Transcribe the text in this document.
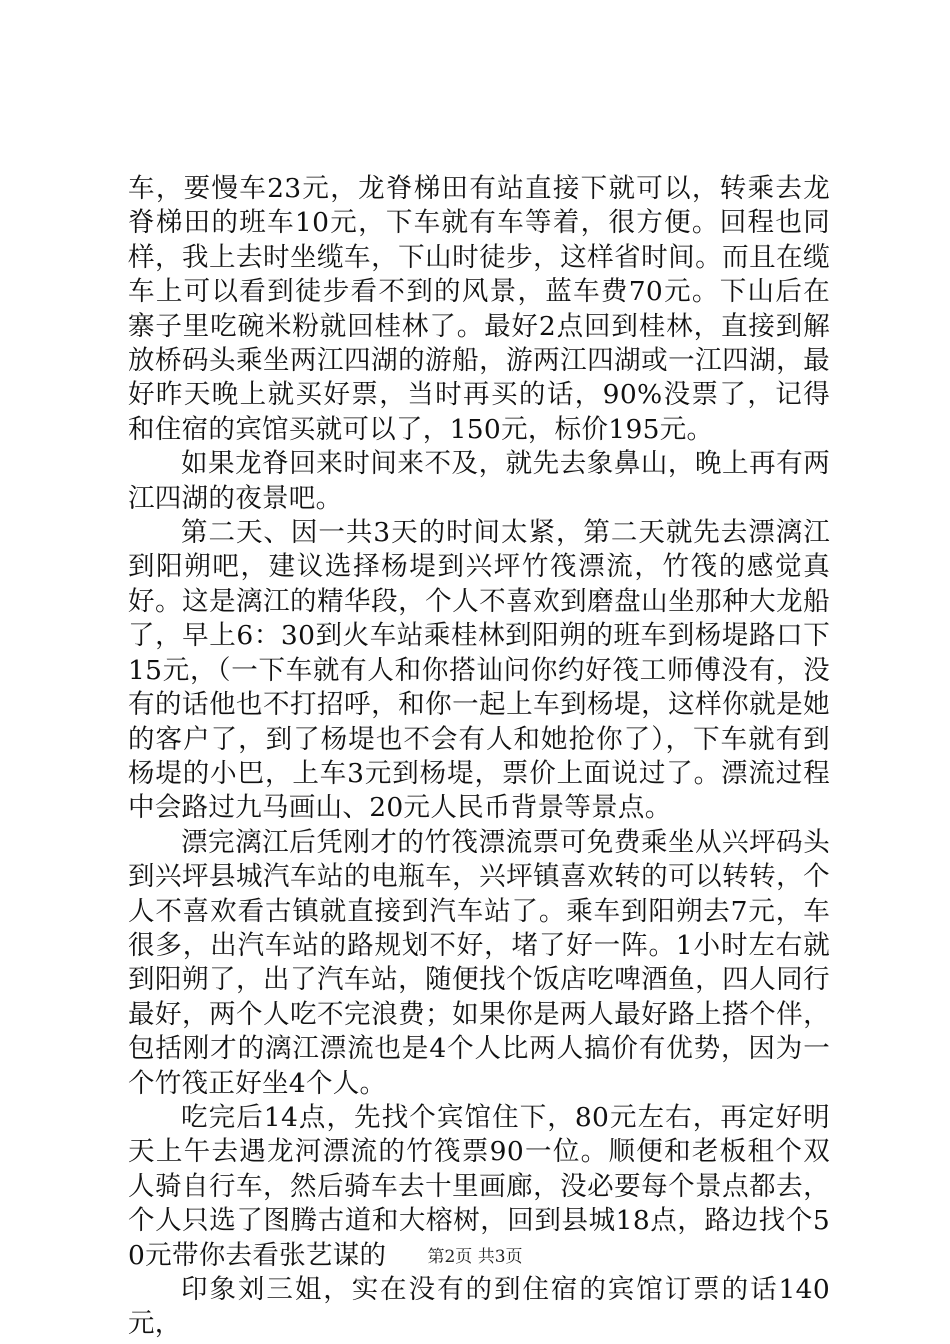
车，要慢车23元，龙脊梯田有站直接下就可以，转乘去龙脊梯田的班车10元，下车就有车等着，很方便。回程也同样，我上去时坐缆车，下山时徒步，这样省时间。而且在缆车上可以看到徒步看不到的风景，蓝车费70元。下山后在寨子里吃碗米粉就回桂林了。最好2点回到桂林，直接到解放桥码头乘坐两江四湖的游船，游两江四湖或一江四湖，最好昨天晚上就买好票，当时再买的话，90%没票了，记得和住宿的宾馆买就可以了，150元，标价195元。

如果龙脊回来时间来不及，就先去象鼻山，晚上再有两江四湖的夜景吧。

第二天、因一共3天的时间太紧，第二天就先去漂漓江到阳朔吧，建议选择杨堤到兴坪竹筏漂流，竹筏的感觉真好。这是漓江的精华段，个人不喜欢到磨盘山坐那种大龙船了，早上6：30到火车站乘桂林到阳朔的班车到杨堤路口下15元，（一下车就有人和你搭讪问你约好筏工师傅没有，没有的话他也不打招呼，和你一起上车到杨堤，这样你就是她的客户了，到了杨堤也不会有人和她抢你了），下车就有到杨堤的小巴，上车3元到杨堤，票价上面说过了。漂流过程中会路过九马画山、20元人民币背景等景点。

漂完漓江后凭刚才的竹筏漂流票可免费乘坐从兴坪码头到兴坪县城汽车站的电瓶车，兴坪镇喜欢转的可以转转，个人不喜欢看古镇就直接到汽车站了。乘车到阳朔去7元，车很多，出汽车站的路规划不好，堵了好一阵。1小时左右就到阳朔了，出了汽车站，随便找个饭店吃啤酒鱼，四人同行最好，两个人吃不完浪费；如果你是两人最好路上搭个伴，包括刚才的漓江漂流也是4个人比两人搞价有优势，因为一个竹筏正好坐4个人。

吃完后14点，先找个宾馆住下，80元左右，再定好明天上午去遇龙河漂流的竹筏票90一位。顺便和老板租个双人骑自行车，然后骑车去十里画廊，没必要每个景点都去，个人只选了图腾古道和大榕树，回到县城18点，路边找个50元带你去看张艺谋的

印象刘三姐，实在没有的到住宿的宾馆订票的话140元，

第2页 共3页
